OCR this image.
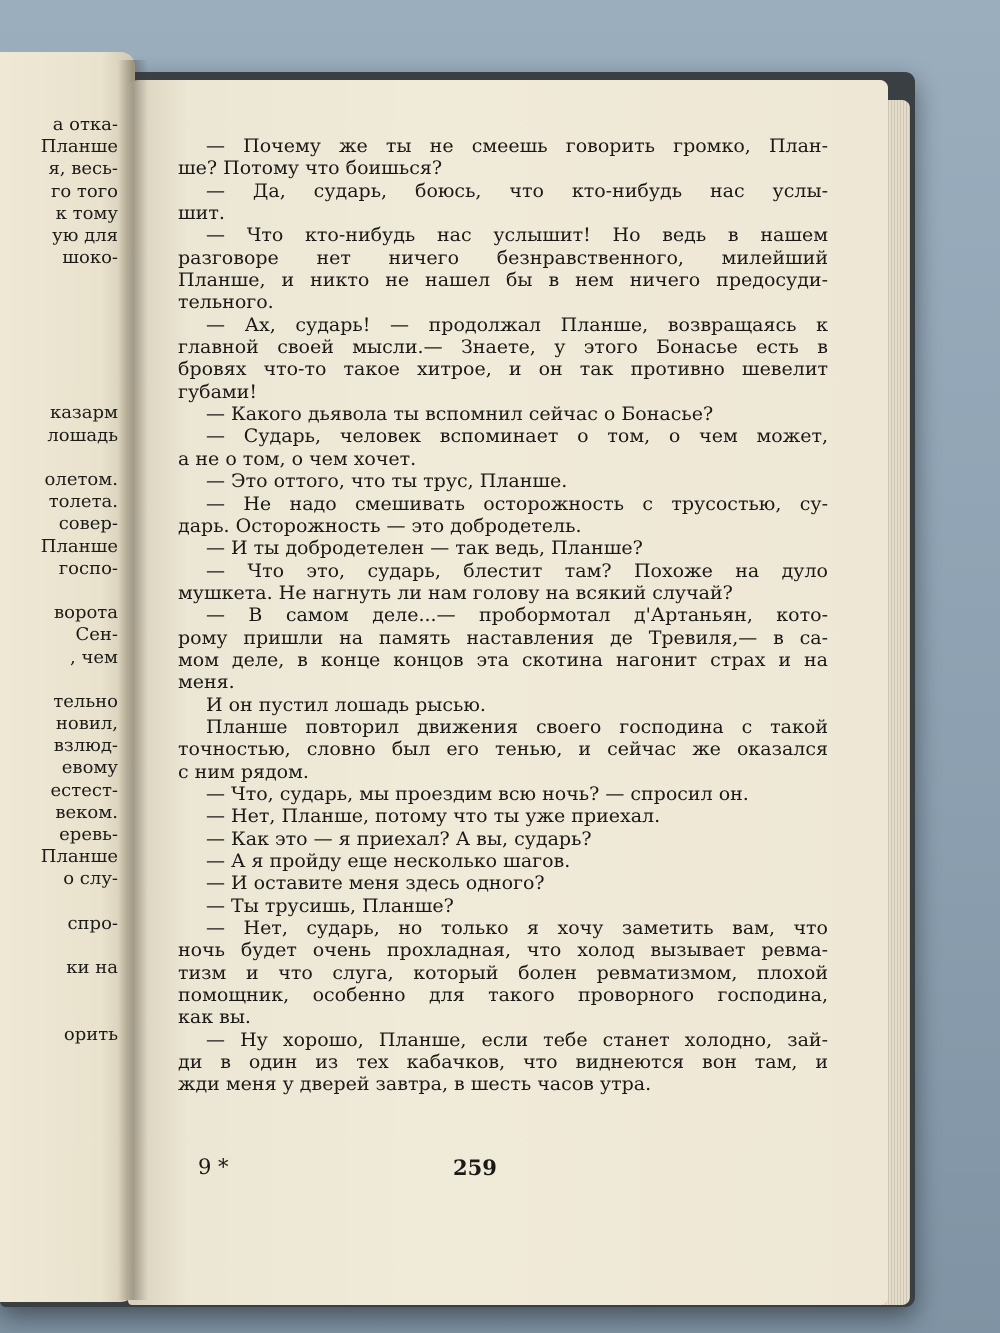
а отка-
Планше
я, весь-
го того
к тому
ую для
шоко-
казарм
лошадь
олетом.
толета.
совер-
Планше
госпо-
ворота
Сен-
, чем
тельно
новил,
взлюд-
евому
естест-
веком.
еревь-
Планше
о слу-
спро-
ки на
орить
— Почему же ты не смеешь говорить громко, План-
ше? Потому что боишься?
— Да, сударь, боюсь, что кто-нибудь нас услы-
шит.
— Что кто-нибудь нас услышит! Но ведь в нашем
разговоре нет ничего безнравственного, милейший
Планше, и никто не нашел бы в нем ничего предосуди-
тельного.
— Ах, сударь! — продолжал Планше, возвращаясь к
главной своей мысли.— Знаете, у этого Бонасье есть в
бровях что-то такое хитрое, и он так противно шевелит
губами!
— Какого дьявола ты вспомнил сейчас о Бонасье?
— Сударь, человек вспоминает о том, о чем может,
а не о том, о чем хочет.
— Это оттого, что ты трус, Планше.
— Не надо смешивать осторожность с трусостью, су-
дарь. Осторожность — это добродетель.
— И ты добродетелен — так ведь, Планше?
— Что это, сударь, блестит там? Похоже на дуло
мушкета. Не нагнуть ли нам голову на всякий случай?
— В самом деле...— пробормотал д'Артаньян, кото-
рому пришли на память наставления де Тревиля,— в са-
мом деле, в конце концов эта скотина нагонит страх и на
меня.
И он пустил лошадь рысью.
Планше повторил движения своего господина с такой
точностью, словно был его тенью, и сейчас же оказался
с ним рядом.
— Что, сударь, мы проездим всю ночь? — спросил он.
— Нет, Планше, потому что ты уже приехал.
— Как это — я приехал? А вы, сударь?
— А я пройду еще несколько шагов.
— И оставите меня здесь одного?
— Ты трусишь, Планше?
— Нет, сударь, но только я хочу заметить вам, что
ночь будет очень прохладная, что холод вызывает ревма-
тизм и что слуга, который болен ревматизмом, плохой
помощник, особенно для такого проворного господина,
как вы.
— Ну хорошо, Планше, если тебе станет холодно, зай-
ди в один из тех кабачков, что виднеются вон там, и
жди меня у дверей завтра, в шесть часов утра.
9 *	259
